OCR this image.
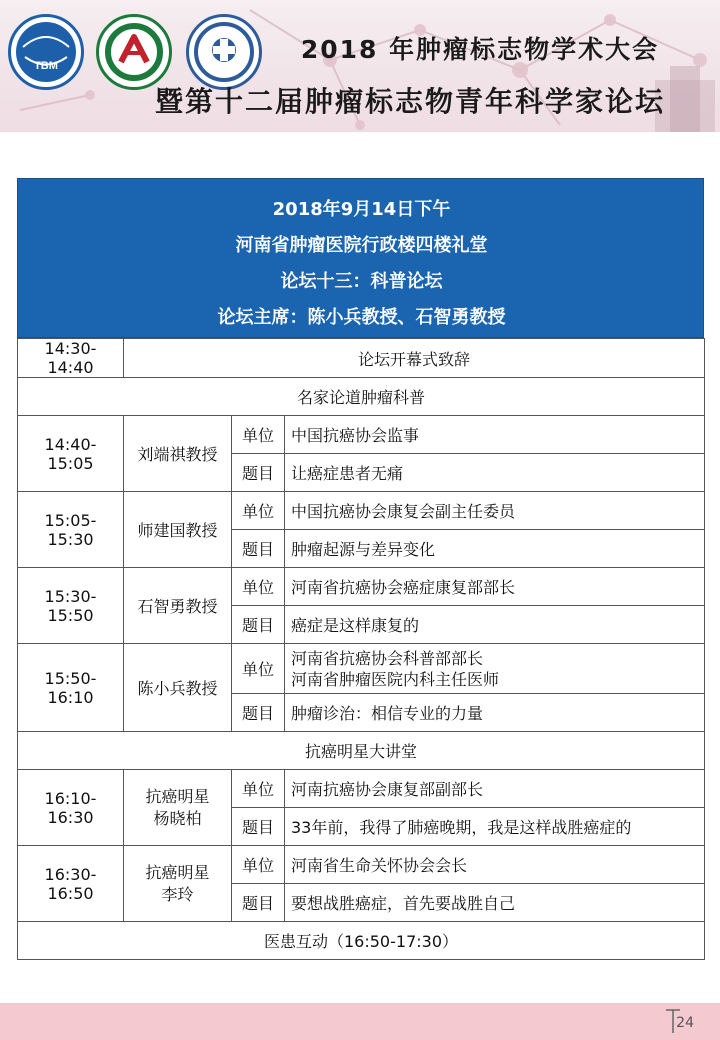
TBM
2018 年肿瘤标志物学术大会
暨第十二届肿瘤标志物青年科学家论坛
2018年9月14日下午
河南省肿瘤医院行政楼四楼礼堂
论坛十三：科普论坛
论坛主席：陈小兵教授、石智勇教授
14:30-14:40	论坛开幕式致辞		
名家论道肿瘤科普			
14:40-15:05	刘端祺教授	单位	中国抗癌协会监事
		题目	让癌症患者无痛
15:05-15:30	师建国教授	单位	中国抗癌协会康复会副主任委员
		题目	肿瘤起源与差异变化
15:30-15:50	石智勇教授	单位	河南省抗癌协会癌症康复部部长
		题目	癌症是这样康复的
15:50-16:10	陈小兵教授	单位	河南省抗癌协会科普部部长
河南省肿瘤医院内科主任医师

		题目	肿瘤诊治：相信专业的力量
抗癌明星大讲堂			
16:10-16:30	抗癌明星
杨晓柏	单位	河南抗癌协会康复部副部长
		题目	33年前，我得了肺癌晚期，我是这样战胜癌症的
16:30-16:50	抗癌明星
李玲	单位	河南省生命关怀协会会长
		题目	要想战胜癌症，首先要战胜自己
医患互动（16:50-17:30）			
24
